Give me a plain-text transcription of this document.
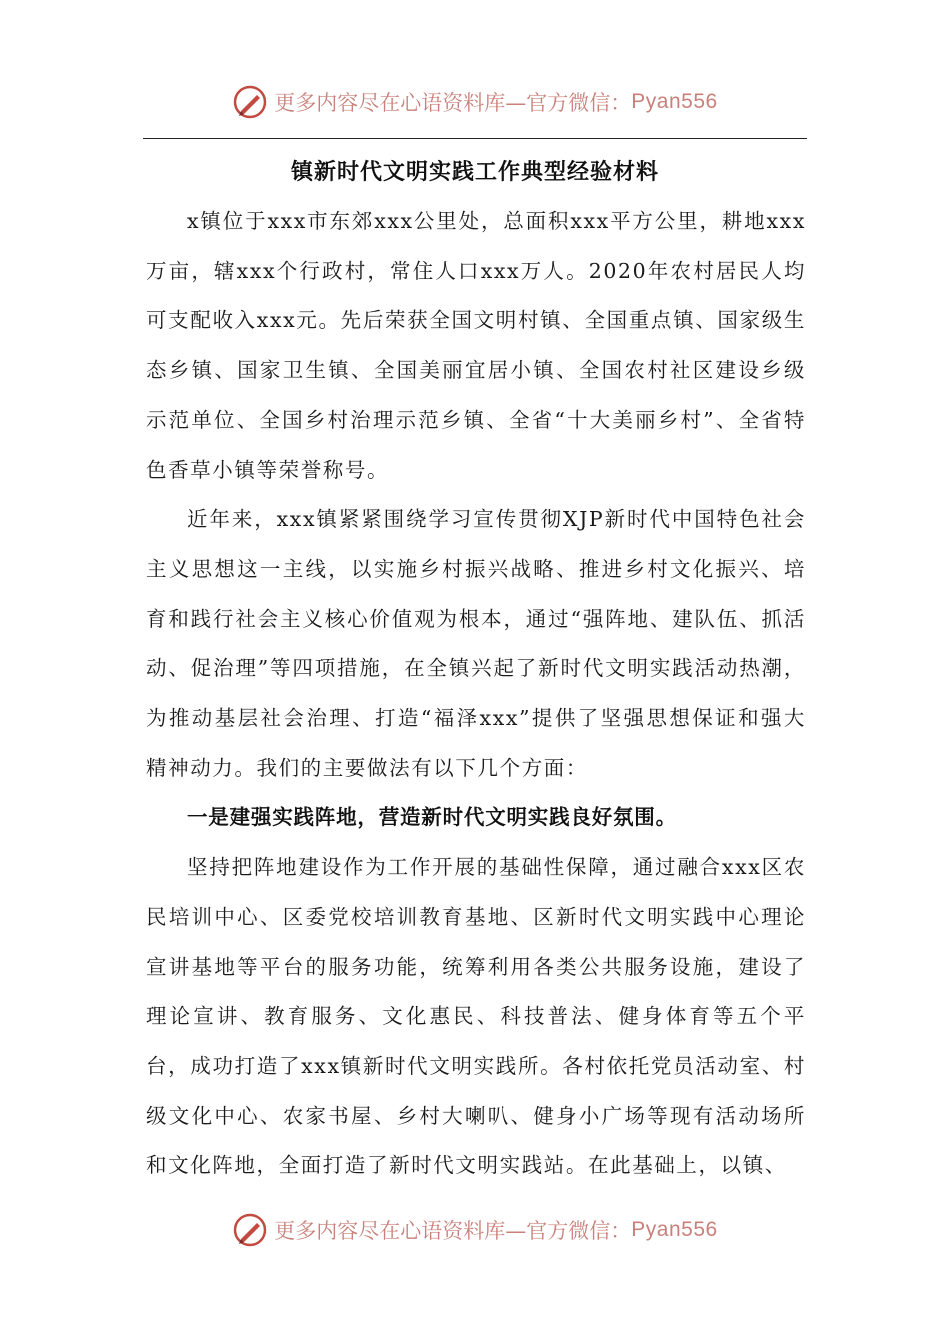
更多内容尽在心语资料库—官方微信： Pyan556
镇新时代文明实践工作典型经验材料

x镇位于xxx市东郊xxx公里处，总面积xxx平方公里，耕地xxx万亩，辖xxx个行政村，常住人口xxx万人。2020年农村居民人均可支配收入xxx元。先后荣获全国文明村镇、全国重点镇、国家级生态乡镇、国家卫生镇、全国美丽宜居小镇、全国农村社区建设乡级示范单位、全国乡村治理示范乡镇、全省“十大美丽乡村”、全省特色香草小镇等荣誉称号。

近年来，xxx镇紧紧围绕学习宣传贯彻XJP新时代中国特色社会主义思想这一主线，以实施乡村振兴战略、推进乡村文化振兴、培育和践行社会主义核心价值观为根本，通过“强阵地、建队伍、抓活动、促治理”等四项措施，在全镇兴起了新时代文明实践活动热潮，为推动基层社会治理、打造“福泽xxx”提供了坚强思想保证和强大精神动力。我们的主要做法有以下几个方面：

一是建强实践阵地，营造新时代文明实践良好氛围。

坚持把阵地建设作为工作开展的基础性保障，通过融合xxx区农民培训中心、区委党校培训教育基地、区新时代文明实践中心理论宣讲基地等平台的服务功能，统筹利用各类公共服务设施，建设了理论宣讲、教育服务、文化惠民、科技普法、健身体育等五个平台，成功打造了xxx镇新时代文明实践所。各村依托党员活动室、村级文化中心、农家书屋、乡村大喇叭、健身小广场等现有活动场所和文化阵地，全面打造了新时代文明实践站。在此基础上，以镇、

更多内容尽在心语资料库—官方微信： Pyan556
